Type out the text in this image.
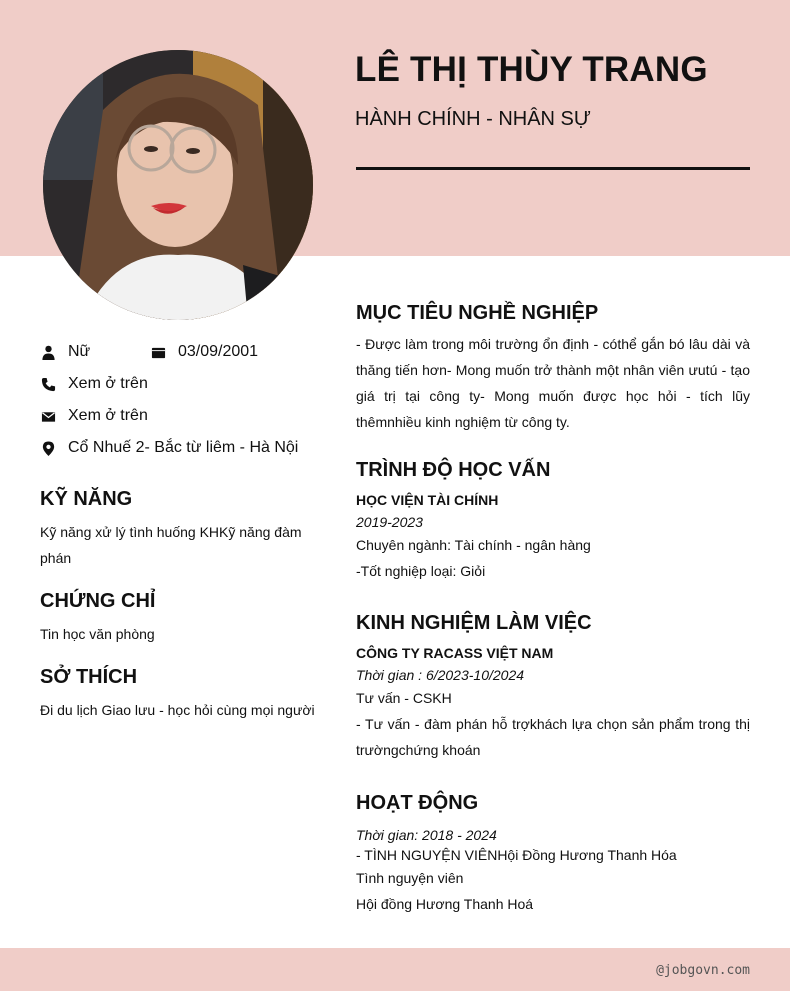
LÊ THỊ THÙY TRANG
HÀNH CHÍNH - NHÂN SỰ
Nữ	03/09/2001
Xem ở trên
Xem ở trên
Cổ Nhuế 2- Bắc từ liêm - Hà Nội
KỸ NĂNG

Kỹ năng xử lý tình huống KHKỹ năng đàm phán

CHỨNG CHỈ

Tin học văn phòng

SỞ THÍCH

Đi du lịch Giao lưu - học hỏi cùng mọi người

MỤC TIÊU NGHỀ NGHIỆP

- Được làm trong môi trường ổn định - cóthể gắn bó lâu dài và thăng tiến hơn- Mong muốn trở thành một nhân viên ưutú - tạo giá trị tại công ty- Mong muốn được học hỏi - tích lũy thêmnhiều kinh nghiệm từ công ty.

TRÌNH ĐỘ HỌC VẤN
HỌC VIỆN TÀI CHÍNH
2019-2023
Chuyên ngành: Tài chính - ngân hàng
-Tốt nghiệp loại: Giỏi
KINH NGHIỆM LÀM VIỆC
CÔNG TY RACASS VIỆT NAM
Thời gian : 6/2023-10/2024
Tư vấn - CSKH
- Tư vấn - đàm phán hỗ trợkhách lựa chọn sản phẩm trong thị trườngchứng khoán
HOẠT ĐỘNG
Thời gian: 2018 - 2024
- TÌNH NGUYỆN VIÊNHội Đồng Hương Thanh Hóa
Tình nguyện viên
Hội đồng Hương Thanh Hoá
@jobgovn.com
